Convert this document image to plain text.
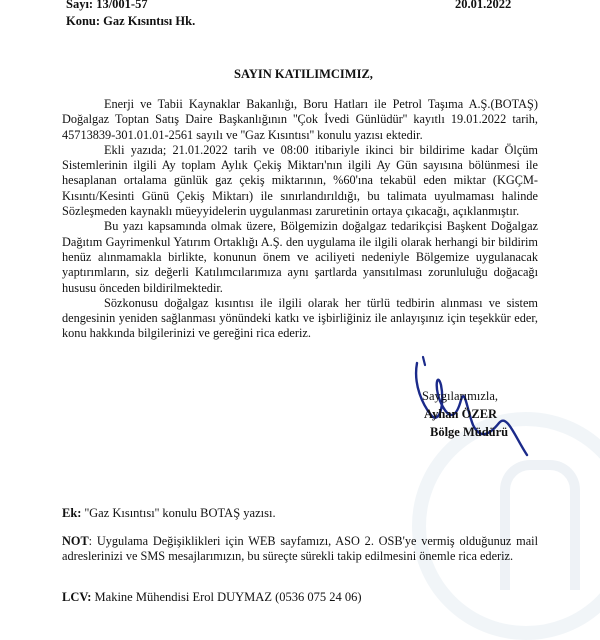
Sayı: 13/001-57
Konu: Gaz Kısıntısı Hk.
20.01.2022
SAYIN KATILIMCIMIZ,

Enerji ve Tabii Kaynaklar Bakanlığı, Boru Hatları ile Petrol Taşıma A.Ş.(BOTAŞ) Doğalgaz Toptan Satış Daire Başkanlığının ''Çok İvedi Günlüdür'' kayıtlı 19.01.2022 tarih, 45713839-301.01.01-2561 sayılı ve ''Gaz Kısıntısı'' konulu yazısı ektedir.

Ekli yazıda; 21.01.2022 tarih ve 08:00 itibariyle ikinci bir bildirime kadar Ölçüm Sistemlerinin ilgili Ay toplam Aylık Çekiş Miktarı'nın ilgili Ay Gün sayısına bölünmesi ile hesaplanan ortalama günlük gaz çekiş miktarının, %60'ına tekabül eden miktar (KGÇM-Kısıntı/Kesinti Günü Çekiş Miktarı) ile sınırlandırıldığı, bu talimata uyulmaması halinde Sözleşmeden kaynaklı müeyyidelerin uygulanması zaruretinin ortaya çıkacağı, açıklanmıştır.

Bu yazı kapsamında olmak üzere, Bölgemizin doğalgaz tedarikçisi Başkent Doğalgaz Dağıtım Gayrimenkul Yatırım Ortaklığı A.Ş. den uygulama ile ilgili olarak herhangi bir bildirim henüz alınmamakla birlikte, konunun önem ve aciliyeti nedeniyle Bölgemize uygulanacak yaptırımların, siz değerli Katılımcılarımıza aynı şartlarda yansıtılması zorunluluğu doğacağı hususu önceden bildirilmektedir.

Sözkonusu doğalgaz kısıntısı ile ilgili olarak her türlü tedbirin alınması ve sistem dengesinin yeniden sağlanması yönündeki katkı ve işbirliğiniz ile anlayışınız için teşekkür eder, konu hakkında bilgilerinizi ve gereğini rica ederiz.

Saygılarımızla,
Ayhan ÖZER
Bölge Müdürü
Ek: ''Gaz Kısıntısı'' konulu BOTAŞ yazısı.

NOT: Uygulama Değişiklikleri için WEB sayfamızı, ASO 2. OSB'ye vermiş olduğunuz mail adreslerinizi ve SMS mesajlarımızın, bu süreçte sürekli takip edilmesini önemle rica ederiz.

LCV: Makine Mühendisi Erol DUYMAZ (0536 075 24 06)
